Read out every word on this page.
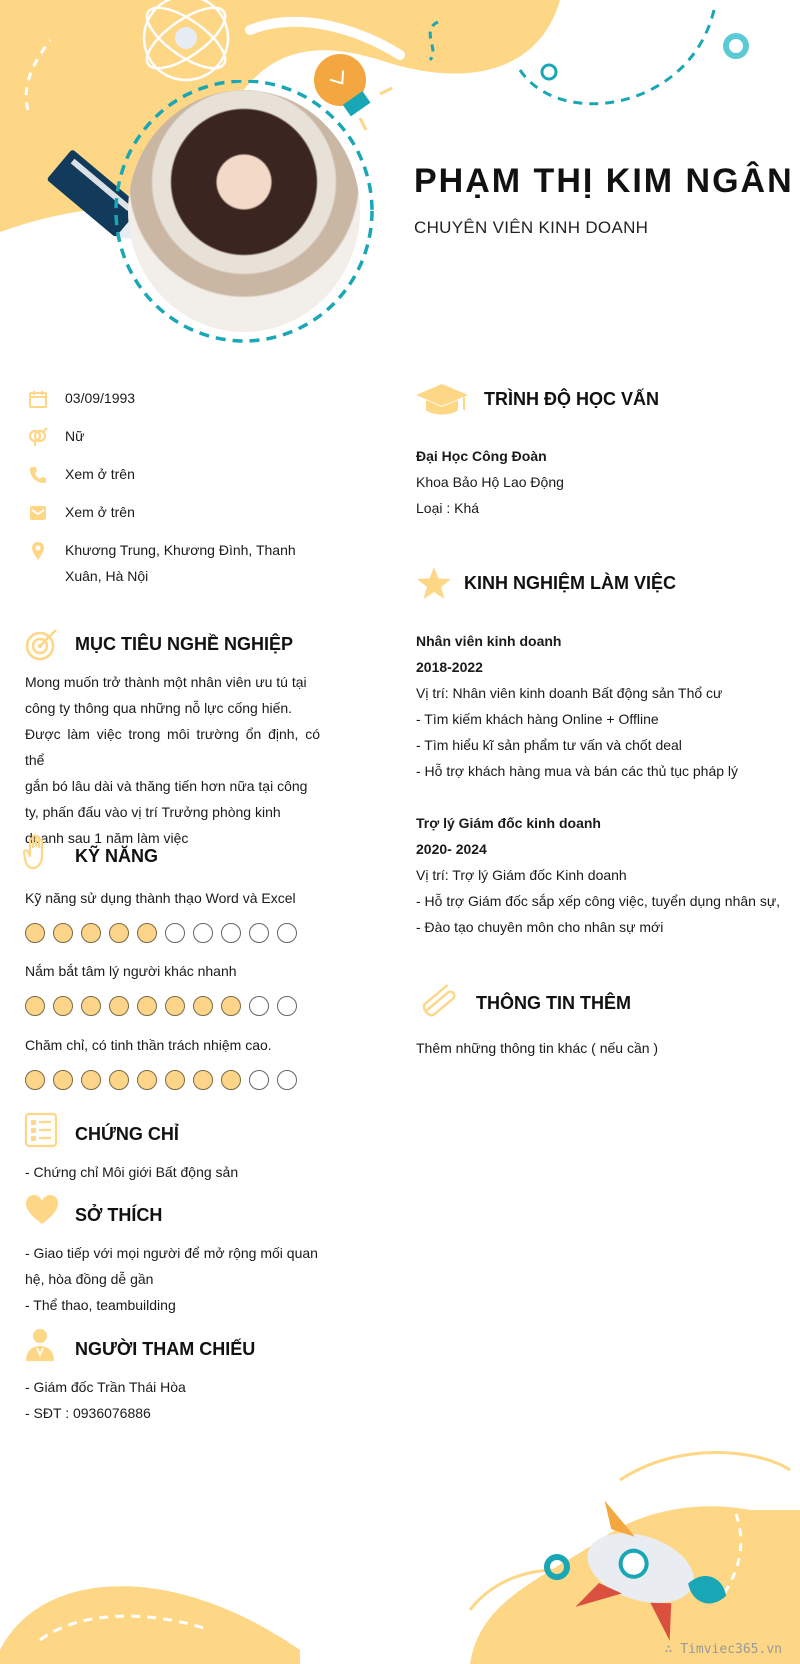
PHẠM THỊ KIM NGÂN
CHUYÊN VIÊN KINH DOANH
03/09/1993
Nữ
Xem ở trên
Xem ở trên
Khương Trung, Khương Đình, Thanh
Xuân, Hà Nội
MỤC TIÊU NGHỀ NGHIỆP
Mong muốn trở thành một nhân viên ưu tú tại
công ty thông qua những nỗ lực cống hiến.
Được làm việc trong môi trường ổn định, có thể
gắn bó lâu dài và thăng tiến hơn nữa tại công
ty, phấn đấu vào vị trí Trưởng phòng kinh
doanh sau 1 năm làm việc
KỸ NĂNG
Kỹ năng sử dụng thành thạo Word và Excel
Nắm bắt tâm lý người khác nhanh
Chăm chỉ, có tinh thần trách nhiệm cao.
CHỨNG CHỈ
- Chứng chỉ Môi giới Bất động sản
SỞ THÍCH
- Giao tiếp với mọi người để mở rộng mối quan
hệ, hòa đồng dễ gần
- Thể thao, teambuilding
NGƯỜI THAM CHIẾU
- Giám đốc Trần Thái Hòa
- SĐT : 0936076886
TRÌNH ĐỘ HỌC VẤN
Đại Học Công Đoàn
Khoa Bảo Hộ Lao Động
Loại : Khá
KINH NGHIỆM LÀM VIỆC
Nhân viên kinh doanh
2018-2022
Vị trí: Nhân viên kinh doanh Bất động sản Thổ cư
- Tìm kiếm khách hàng Online + Offline
- Tìm hiểu kĩ sản phẩm tư vấn và chốt deal
- Hỗ trợ khách hàng mua và bán các thủ tục pháp lý
Trợ lý Giám đốc kinh doanh
2020- 2024
Vị trí: Trợ lý Giám đốc Kinh doanh
- Hỗ trợ Giám đốc sắp xếp công việc, tuyển dụng nhân sự,
- Đào tạo chuyên môn cho nhân sự mới
THÔNG TIN THÊM
Thêm những thông tin khác ( nếu cần )
∴ Timviec365.vn
